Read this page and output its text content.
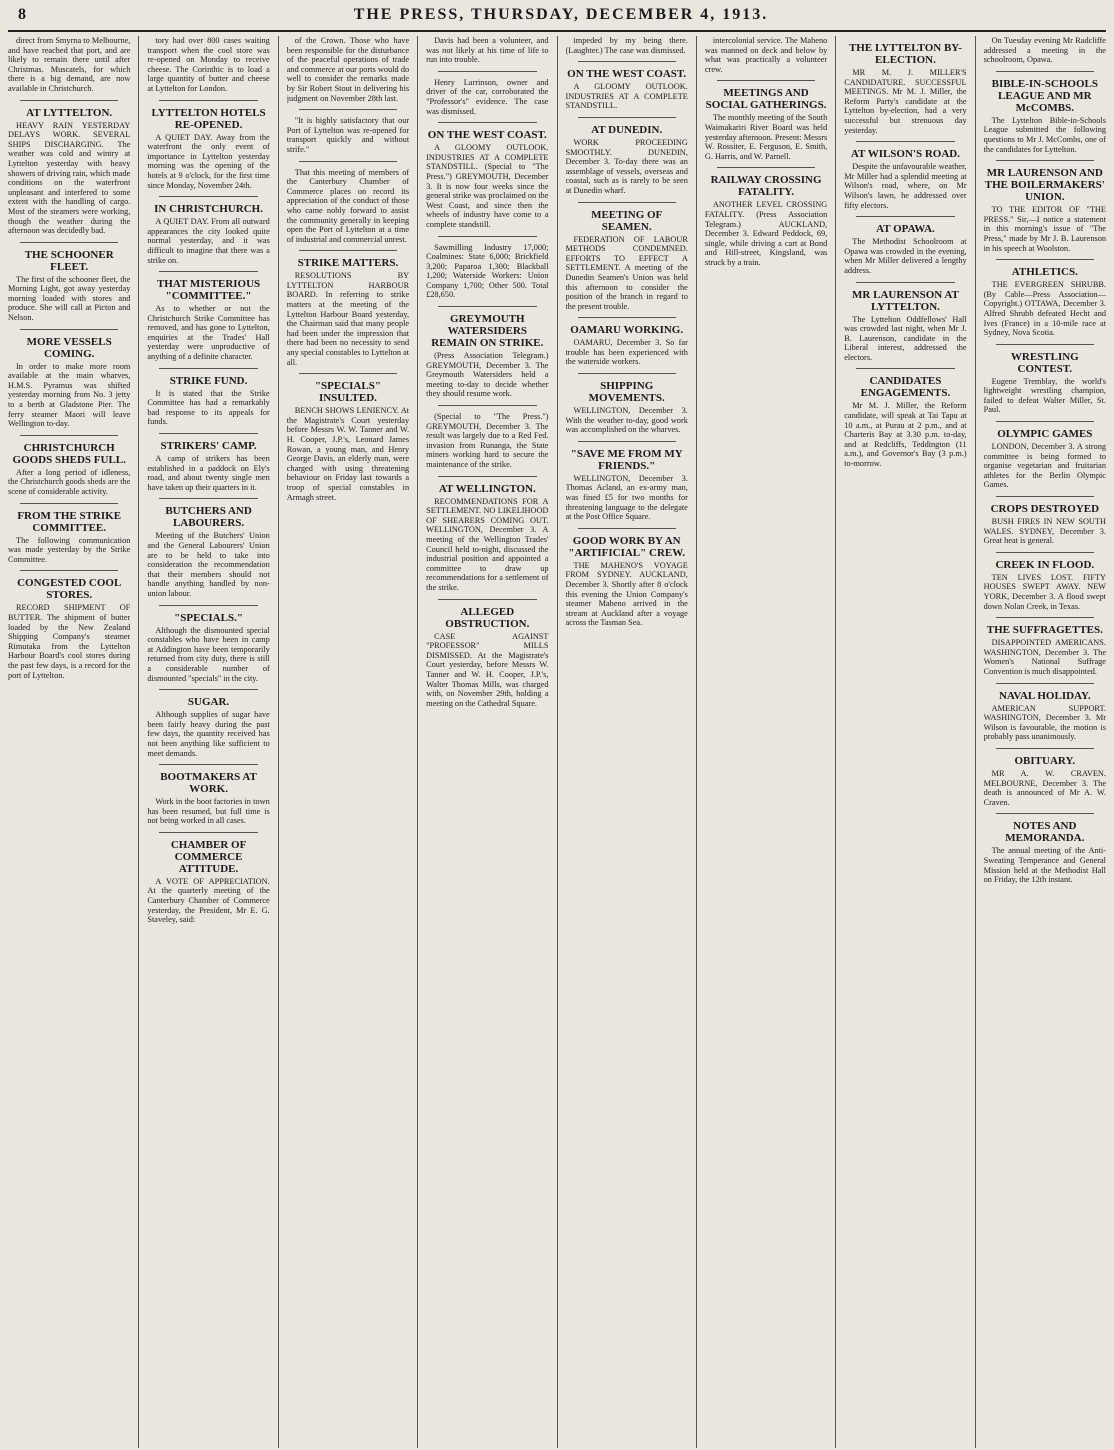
8	THE PRESS, THURSDAY, DECEMBER 4, 1913.

direct from Smyrna to Melbourne, and have reached that port, and are likely to remain there until after Christmas. Muscatels, for which there is a big demand, are now available in Christchurch.

AT LYTTELTON.

HEAVY RAIN YESTERDAY DELAYS WORK. SEVERAL SHIPS DISCHARGING. The weather was cold and wintry at Lyttelton yesterday with heavy showers of driving rain, which made conditions on the waterfront unpleasant and interfered to some extent with the handling of cargo. Most of the steamers were working, though the weather during the afternoon was decidedly bad.

THE SCHOONER FLEET.

The first of the schooner fleet, the Morning Light, got away yesterday morning loaded with stores and produce. She will call at Picton and Nelson.

MORE VESSELS COMING.

In order to make more room available at the main wharves, H.M.S. Pyramus was shifted yesterday morning from No. 3 jetty to a berth at Gladstone Pier. The ferry steamer Maori will leave Wellington to-day.

CHRISTCHURCH GOODS SHEDS FULL.

After a long period of idleness, the Christchurch goods sheds are the scene of considerable activity.

FROM THE STRIKE COMMITTEE.

The following communication was made yesterday by the Strike Committee.

CONGESTED COOL STORES.

RECORD SHIPMENT OF BUTTER. The shipment of butter loaded by the New Zealand Shipping Company's steamer Rimutaka from the Lyttelton Harbour Board's cool stores during the past few days, is a record for the port of Lyttelton.

tory had over 800 cases waiting transport when the cool store was re-opened on Monday to receive cheese. The Corinthic is to load a large quantity of butter and cheese at Lyttelton for London.

LYTTELTON HOTELS RE-OPENED.

A QUIET DAY. Away from the waterfront the only event of importance in Lyttelton yesterday morning was the opening of the hotels at 9 o'clock, for the first time since Monday, November 24th.

IN CHRISTCHURCH.

A QUIET DAY. From all outward appearances the city looked quite normal yesterday, and it was difficult to imagine that there was a strike on.

THAT MISTERIOUS "COMMITTEE."

As to whether or not the Christchurch Strike Committee has removed, and has gone to Lyttelton, enquiries at the Trades' Hall yesterday were unproductive of anything of a definite character.

STRIKE FUND.

It is stated that the Strike Committee has had a remarkably bad response to its appeals for funds.

STRIKERS' CAMP.

A camp of strikers has been established in a paddock on Ely's road, and about twenty single men have taken up their quarters in it.

BUTCHERS AND LABOURERS.

Meeting of the Butchers' Union and the General Labourers' Union are to be held to take into consideration the recommendation that their members should not handle anything handled by non-union labour.

"SPECIALS."

Although the dismounted special constables who have been in camp at Addington have been temporarily returned from city duty, there is still a considerable number of dismounted "specials" in the city.

SUGAR.

Although supplies of sugar have been fairly heavy during the past few days, the quantity received has not been anything like sufficient to meet demands.

BOOTMAKERS AT WORK.

Work in the boot factories in town has been resumed, but full time is not being worked in all cases.

CHAMBER OF COMMERCE ATTITUDE.

A VOTE OF APPRECIATION. At the quarterly meeting of the Canterbury Chamber of Commerce yesterday, the President, Mr E. G. Staveley, said:

of the Crown. Those who have been responsible for the disturbance of the peaceful operations of trade and commerce at our ports would do well to consider the remarks made by Sir Robert Stout in delivering his judgment on November 28th last.

"It is highly satisfactory that our Port of Lyttelton was re-opened for transport quickly and without strife."

That this meeting of members of the Canterbury Chamber of Commerce places on record its appreciation of the conduct of those who came nobly forward to assist the community generally in keeping open the Port of Lyttelton at a time of industrial and commercial unrest.

STRIKE MATTERS.

RESOLUTIONS BY LYTTELTON HARBOUR BOARD. In referring to strike matters at the meeting of the Lyttelton Harbour Board yesterday, the Chairman said that many people had been under the impression that there had been no necessity to send any special constables to Lyttelton at all.

"SPECIALS" INSULTED.

BENCH SHOWS LENIENCY. At the Magistrate's Court yesterday before Messrs W. W. Tanner and W. H. Cooper, J.P.'s, Leonard James Rowan, a young man, and Henry George Davis, an elderly man, were charged with using threatening behaviour on Friday last towards a troop of special constables in Armagh street.

Davis had been a volunteer, and was not likely at his time of life to run into trouble.

Henry Larrinson, owner and driver of the car, corroborated the "Professor's" evidence. The case was dismissed.

ON THE WEST COAST.

A GLOOMY OUTLOOK. INDUSTRIES AT A COMPLETE STANDSTILL. (Special to "The Press.") GREYMOUTH, December 3. It is now four weeks since the general strike was proclaimed on the West Coast, and since then the wheels of industry have come to a complete standstill.

Sawmilling Industry 17,000; Coalmines: State 6,000; Brickfield 3,200; Paparoa 1,300; Blackball 1,200; Waterside Workers: Union Company 1,700; Other 500. Total £28,650.

GREYMOUTH WATERSIDERS REMAIN ON STRIKE.

(Press Association Telegram.) GREYMOUTH, December 3. The Greymouth Watersiders held a meeting to-day to decide whether they should resume work.

(Special to "The Press.") GREYMOUTH, December 3. The result was largely due to a Red Fed. invasion from Runanga, the State miners working hard to secure the maintenance of the strike.

AT WELLINGTON.

RECOMMENDATIONS FOR A SETTLEMENT. NO LIKELIHOOD OF SHEARERS COMING OUT. WELLINGTON, December 3. A meeting of the Wellington Trades' Council held to-night, discussed the industrial position and appointed a committee to draw up recommendations for a settlement of the strike.

ALLEGED OBSTRUCTION.

CASE AGAINST "PROFESSOR" MILLS DISMISSED. At the Magistrate's Court yesterday, before Messrs W. Tanner and W. H. Cooper, J.P.'s, Walter Thomas Mills, was charged with, on November 29th, holding a meeting on the Cathedral Square.

impeded by my being there. (Laughter.) The case was dismissed.

ON THE WEST COAST.

A GLOOMY OUTLOOK. INDUSTRIES AT A COMPLETE STANDSTILL.

AT DUNEDIN.

WORK PROCEEDING SMOOTHLY. DUNEDIN, December 3. To-day there was an assemblage of vessels, overseas and coastal, such as is rarely to be seen at Dunedin wharf.

MEETING OF SEAMEN.

FEDERATION OF LABOUR METHODS CONDEMNED. EFFORTS TO EFFECT A SETTLEMENT. A meeting of the Dunedin Seamen's Union was held this afternoon to consider the position of the branch in regard to the present trouble.

OAMARU WORKING.

OAMARU, December 3. So far trouble has been experienced with the waterside workers.

SHIPPING MOVEMENTS.

WELLINGTON, December 3. With the weather to-day, good work was accomplished on the wharves.

"SAVE ME FROM MY FRIENDS."

WELLINGTON, December 3. Thomas Acland, an ex-army man, was fined £5 for two months for threatening language to the delegate at the Post Office Square.

GOOD WORK BY AN "ARTIFICIAL" CREW.

THE MAHENO'S VOYAGE FROM SYDNEY. AUCKLAND, December 3. Shortly after 8 o'clock this evening the Union Company's steamer Maheno arrived in the stream at Auckland after a voyage across the Tasman Sea.

intercolonial service. The Maheno was manned on deck and below by what was practically a volunteer crew.

MEETINGS AND SOCIAL GATHERINGS.

The monthly meeting of the South Waimakariri River Board was held yesterday afternoon. Present: Messrs W. Rossiter, E. Ferguson, E. Smith, G. Harris, and W. Parnell.

RAILWAY CROSSING FATALITY.

ANOTHER LEVEL CROSSING FATALITY. (Press Association Telegram.) AUCKLAND, December 3. Edward Peddock, 69, single, while driving a cart at Bond and Hill-street, Kingsland, was struck by a train.

THE LYTTELTON BY-ELECTION.

MR M. J. MILLER'S CANDIDATURE. SUCCESSFUL MEETINGS. Mr M. J. Miller, the Reform Party's candidate at the Lyttelton by-election, had a very successful but strenuous day yesterday.

AT WILSON'S ROAD.

Despite the unfavourable weather, Mr Miller had a splendid meeting at Wilson's road, where, on Mr Wilson's lawn, he addressed over fifty electors.

AT OPAWA.

The Methodist Schoolroom at Opawa was crowded in the evening, when Mr Miller delivered a lengthy address.

MR LAURENSON AT LYTTELTON.

The Lyttelton Oddfellows' Hall was crowded last night, when Mr J. B. Laurenson, candidate in the Liberal interest, addressed the electors.

CANDIDATES ENGAGEMENTS.

Mr M. J. Miller, the Reform candidate, will speak at Tai Tapu at 10 a.m., at Purau at 2 p.m., and at Charteris Bay at 3.30 p.m. to-day, and at Redcliffs, Teddington (11 a.m.), and Governor's Bay (3 p.m.) to-morrow.

On Tuesday evening Mr Radcliffe addressed a meeting in the schoolroom, Opawa.

BIBLE-IN-SCHOOLS LEAGUE AND MR McCOMBS.

The Lyttelton Bible-in-Schools League submitted the following questions to Mr J. McCombs, one of the candidates for Lyttelton.

MR LAURENSON AND THE BOILERMAKERS' UNION.

TO THE EDITOR OF "THE PRESS." Sir,—I notice a statement in this morning's issue of "The Press," made by Mr J. B. Laurenson in his speech at Woolston.

ATHLETICS.

THE EVERGREEN SHRUBB. (By Cable—Press Association—Copyright.) OTTAWA, December 3. Alfred Shrubb defeated Hecht and Ives (France) in a 10-mile race at Sydney, Nova Scotia.

WRESTLING CONTEST.

Eugene Tremblay, the world's lightweight wrestling champion, failed to defeat Walter Miller, St. Paul.

OLYMPIC GAMES

LONDON, December 3. A strong committee is being formed to organise vegetarian and fruitarian athletes for the Berlin Olympic Games.

CROPS DESTROYED

BUSH FIRES IN NEW SOUTH WALES. SYDNEY, December 3. Great heat is general.

CREEK IN FLOOD.

TEN LIVES LOST. FIFTY HOUSES SWEPT AWAY. NEW YORK, December 3. A flood swept down Nolan Creek, in Texas.

THE SUFFRAGETTES.

DISAPPOINTED AMERICANS. WASHINGTON, December 3. The Women's National Suffrage Convention is much disappointed.

NAVAL HOLIDAY.

AMERICAN SUPPORT. WASHINGTON, December 3. Mr Wilson is favourable, the motion is probably pass unanimously.

OBITUARY.

MR A. W. CRAVEN. MELBOURNE, December 3. The death is announced of Mr A. W. Craven.

NOTES AND MEMORANDA.

The annual meeting of the Anti-Sweating Temperance and General Mission held at the Methodist Hall on Friday, the 12th instant.
